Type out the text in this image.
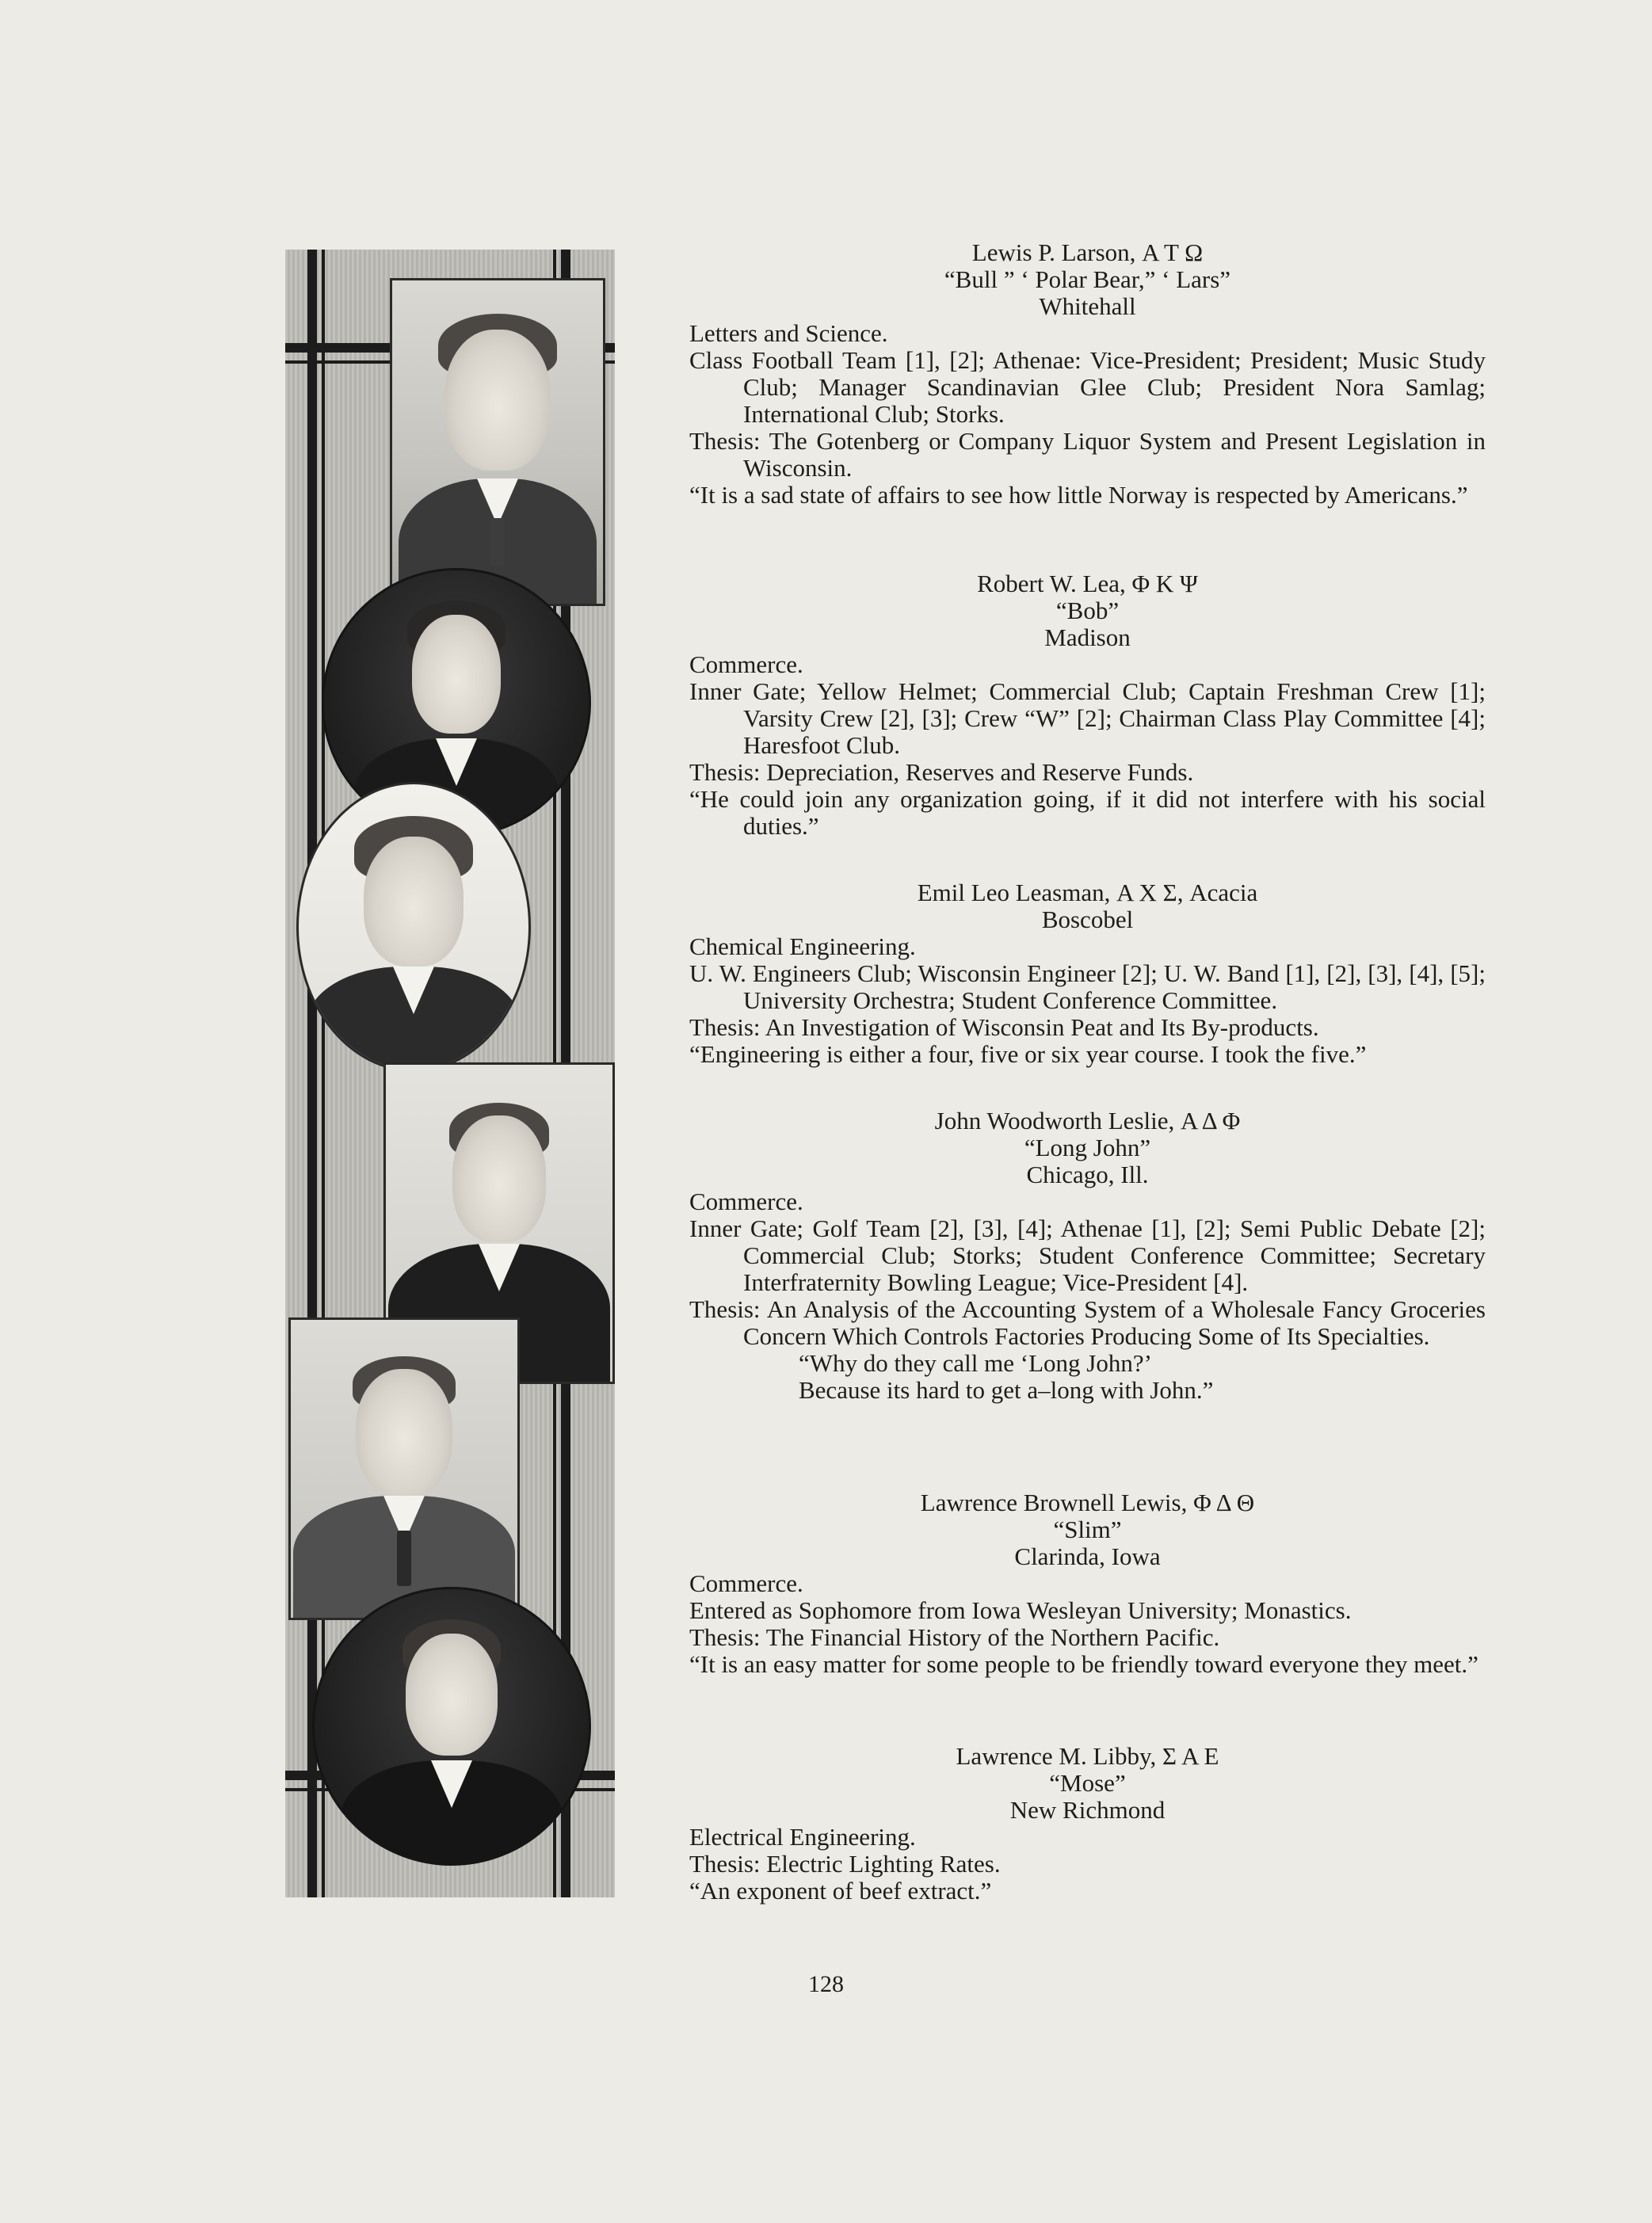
Lewis P. Larson, Α Τ Ω

“Bull ” ‘ Polar Bear,” ‘ Lars”

Whitehall

Letters and Science.

Class Football Team [1], [2]; Athenae: Vice-President; President; Music Study Club; Manager Scandinavian Glee Club; President Nora Samlag; International Club; Storks.

Thesis: The Gotenberg or Company Liquor System and Present Legislation in Wisconsin.

“It is a sad state of affairs to see how little Norway is respected by Americans.”

Robert W. Lea, Φ Κ Ψ

“Bob”

Madison

Commerce.

Inner Gate; Yellow Helmet; Commercial Club; Captain Freshman Crew [1]; Varsity Crew [2], [3]; Crew “W” [2]; Chairman Class Play Committee [4]; Haresfoot Club.

Thesis: Depreciation, Reserves and Reserve Funds.

“He could join any organization going, if it did not interfere with his social duties.”

Emil Leo Leasman, Α Χ Σ, Acacia

Boscobel

Chemical Engineering.

U. W. Engineers Club; Wisconsin Engineer [2]; U. W. Band [1], [2], [3], [4], [5]; University Orchestra; Student Conference Committee.

Thesis: An Investigation of Wisconsin Peat and Its By-products.

“Engineering is either a four, five or six year course. I took the five.”

John Woodworth Leslie, Α Δ Φ

“Long John”

Chicago, Ill.

Commerce.

Inner Gate; Golf Team [2], [3], [4]; Athenae [1], [2]; Semi Public Debate [2]; Commercial Club; Storks; Student Conference Committee; Secretary Interfraternity Bowling League; Vice-President [4].

Thesis: An Analysis of the Accounting System of a Wholesale Fancy Groceries Concern Which Controls Factories Producing Some of Its Specialties.

“Why do they call me ‘Long John?’

Because its hard to get a–long with John.”

Lawrence Brownell Lewis, Φ Δ Θ

“Slim”

Clarinda, Iowa

Commerce.

Entered as Sophomore from Iowa Wesleyan University; Monastics.

Thesis: The Financial History of the Northern Pacific.

“It is an easy matter for some people to be friendly toward everyone they meet.”

Lawrence M. Libby, Σ Α Ε

“Mose”

New Richmond

Electrical Engineering.

Thesis: Electric Lighting Rates.

“An exponent of beef extract.”

128
